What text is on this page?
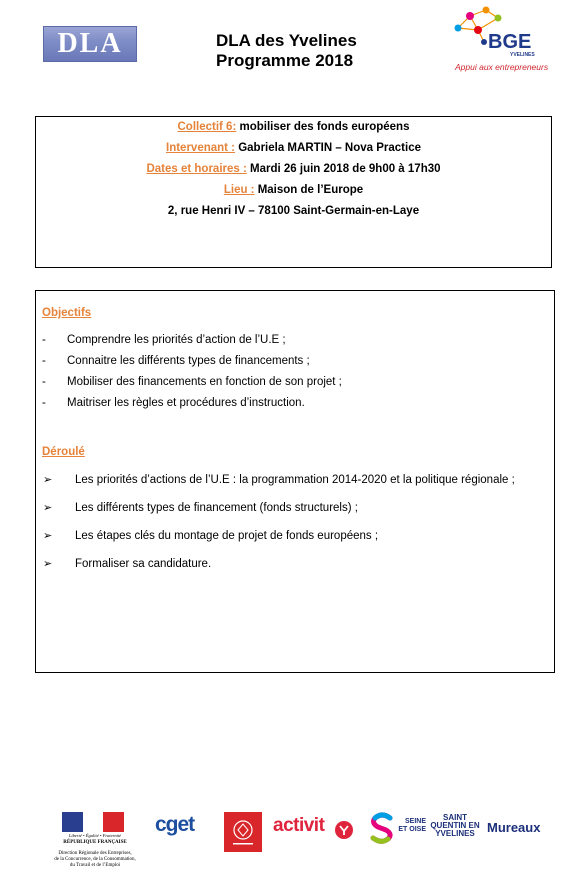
DLA	DLA des Yvelines
Programme 2018
BGE
YVELINES
Appui aux entrepreneurs
Collectif 6: mobiliser des fonds européens
Intervenant : Gabriela MARTIN – Nova Practice
Dates et horaires : Mardi 26 juin 2018 de 9h00 à 17h30
Lieu : Maison de l’Europe
2, rue Henri IV – 78100 Saint-Germain-en-Laye
Objectifs
- Comprendre les priorités d’action de l’U.E ;
- Connaitre les différents types de financements ;
- Mobiliser des financements en fonction de son projet ;
- Maitriser les règles et procédures d’instruction.
Déroulé
➢ Les priorités d’actions de l’U.E : la programmation 2014-2020 et la politique régionale ;
➢ Les différents types de financement (fonds structurels) ;
➢ Les étapes clés du montage de projet de fonds européens ;
➢ Formaliser sa candidature.
Liberté • Égalité • Fraternité
RÉPUBLIQUE FRANÇAISE
Direction Régionale des Entreprises,
de la Concurrence, de la Consommation,
du Travail et de l’Emploi
cget	activit	SEINE ET OISE
SAINT QUENTIN EN YVELINES Mureaux
